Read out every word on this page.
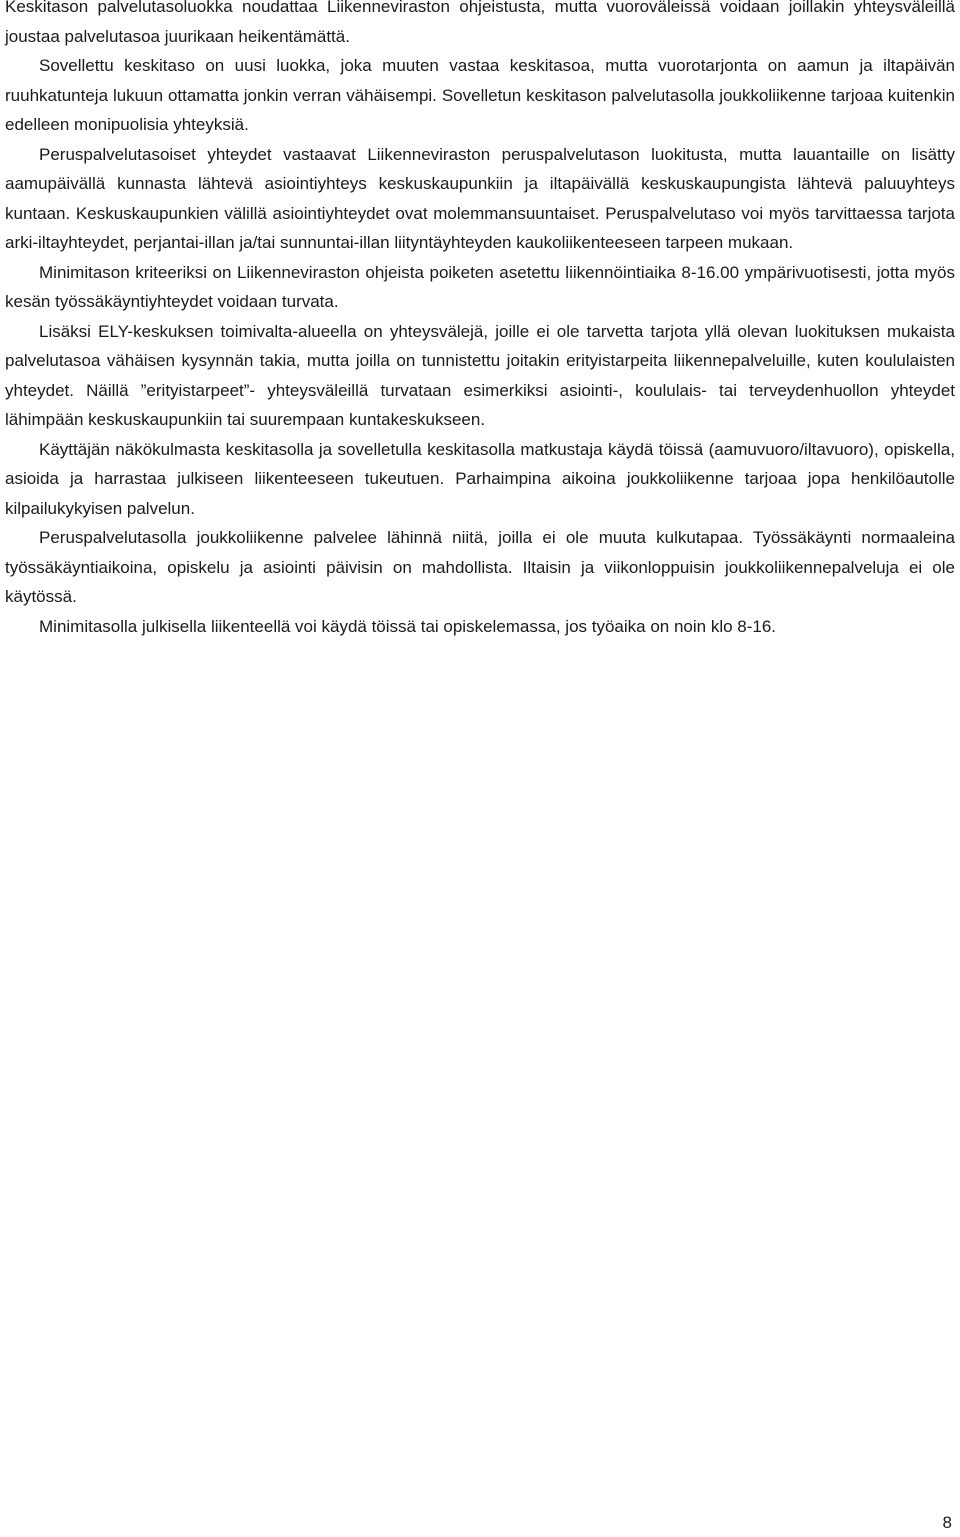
Keskitason palvelutasoluokka noudattaa Liikenneviraston ohjeistusta, mutta vuoroväleissä voidaan joillakin yhteysväleillä joustaa palvelutasoa juurikaan heikentämättä.

Sovellettu keskitaso on uusi luokka, joka muuten vastaa keskitasoa, mutta vuorotarjonta on aamun ja iltapäivän ruuhkatunteja lukuun ottamatta jonkin verran vähäisempi. Sovelletun keskitason palvelutasolla joukkoliikenne tarjoaa kuitenkin edelleen monipuolisia yhteyksiä.

Peruspalvelutasoiset yhteydet vastaavat Liikenneviraston peruspalvelutason luokitusta, mutta lauantaille on lisätty aamupäivällä kunnasta lähtevä asiointiyhteys keskuskaupunkiin ja iltapäivällä keskuskaupungista lähtevä paluuyhteys kuntaan. Keskuskaupunkien välillä asiointiyhteydet ovat molemmansuuntaiset. Peruspalvelutaso voi myös tarvittaessa tarjota arki-iltayhteydet, perjantai-illan ja/tai sunnuntai-illan liityntäyhteyden kaukoliikenteeseen tarpeen mukaan.

Minimitason kriteeriksi on Liikenneviraston ohjeista poiketen asetettu liikennöintiaika 8-16.00 ympärivuotisesti, jotta myös kesän työssäkäyntiyhteydet voidaan turvata.

Lisäksi ELY-keskuksen toimivalta-alueella on yhteysvälejä, joille ei ole tarvetta tarjota yllä olevan luokituksen mukaista palvelutasoa vähäisen kysynnän takia, mutta joilla on tunnistettu joitakin erityistarpeita liikennepalveluille, kuten koululaisten yhteydet. Näillä ”erityistarpeet”- yhteysväleillä turvataan esimerkiksi asiointi-, koululais- tai terveydenhuollon yhteydet lähimpään keskuskaupunkiin tai suurempaan kuntakeskukseen.

Käyttäjän näkökulmasta keskitasolla ja sovelletulla keskitasolla matkustaja käydä töissä (aamuvuoro/iltavuoro), opiskella, asioida ja harrastaa julkiseen liikenteeseen tukeutuen. Parhaimpina aikoina joukkoliikenne tarjoaa jopa henkilöautolle kilpailukykyisen palvelun.

Peruspalvelutasolla joukkoliikenne palvelee lähinnä niitä, joilla ei ole muuta kulkutapaa. Työssäkäynti normaaleina työssäkäyntiaikoina, opiskelu ja asiointi päivisin on mahdollista. Iltaisin ja viikonloppuisin joukkoliikennepalveluja ei ole käytössä.

Minimitasolla julkisella liikenteellä voi käydä töissä tai opiskelemassa, jos työaika on noin klo 8-16.

8
